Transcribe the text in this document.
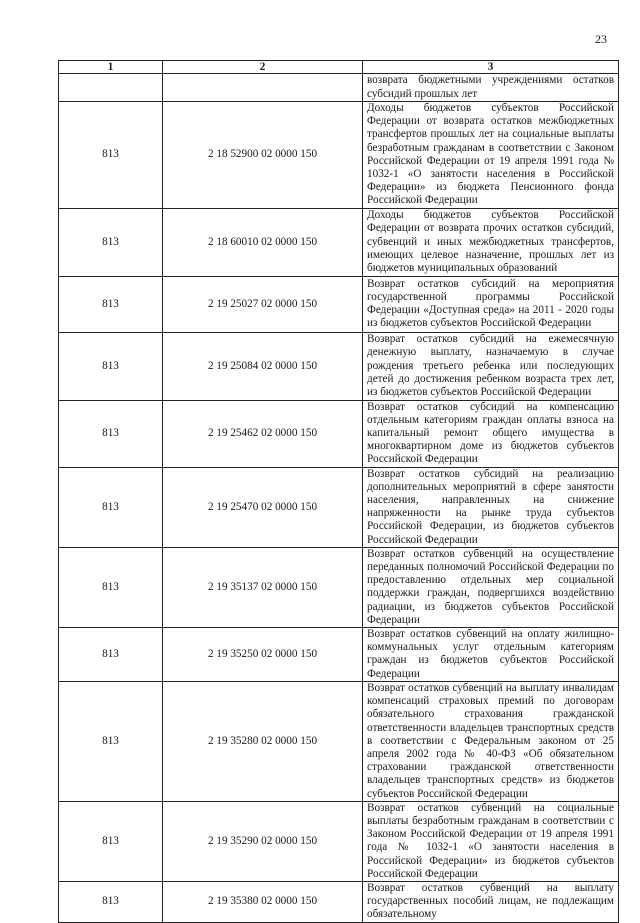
23
1	2	3
		возврата бюджетными учреждениями остатков субсидий прошлых лет
813	2 18 52900 02 0000 150	Доходы бюджетов субъектов Российской Федерации от возврата остатков межбюджетных трансфертов прошлых лет на социальные выплаты безработным гражданам в соответствии с Законом Российской Федерации от 19 апреля 1991 года № 1032-1 «О занятости населения в Российской Федерации» из бюджета Пенсионного фонда Российской Федерации
813	2 18 60010 02 0000 150	Доходы бюджетов субъектов Российской Федерации от возврата прочих остатков субсидий, субвенций и иных межбюджетных трансфертов, имеющих целевое назначение, прошлых лет из бюджетов муниципальных образований
813	2 19 25027 02 0000 150	Возврат остатков субсидий на мероприятия государственной программы Российской Федерации «Доступная среда» на 2011 - 2020 годы из бюджетов субъектов Российской Федерации
813	2 19 25084 02 0000 150	Возврат остатков субсидий на ежемесячную денежную выплату, назначаемую в случае рождения третьего ребенка или последующих детей до достижения ребенком возраста трех лет, из бюджетов субъектов Российской Федерации
813	2 19 25462 02 0000 150	Возврат остатков субсидий на компенсацию отдельным категориям граждан оплаты взноса на капитальный ремонт общего имущества в многоквартирном доме из бюджетов субъектов Российской Федерации
813	2 19 25470 02 0000 150	Возврат остатков субсидий на реализацию дополнительных мероприятий в сфере занятости населения, направленных на снижение напряженности на рынке труда субъектов Российской Федерации, из бюджетов субъектов Российской Федерации
813	2 19 35137 02 0000 150	Возврат остатков субвенций на осуществление переданных полномочий Российской Федерации по предоставлению отдельных мер социальной поддержки граждан, подвергшихся воздействию радиации, из бюджетов субъектов Российской Федерации
813	2 19 35250 02 0000 150	Возврат остатков субвенций на оплату жилищно-коммунальных услуг отдельным категориям граждан из бюджетов субъектов Российской Федерации
813	2 19 35280 02 0000 150	Возврат остатков субвенций на выплату инвалидам компенсаций страховых премий по договорам обязательного страхования гражданской ответственности владельцев транспортных средств в соответствии с Федеральным законом от 25 апреля 2002 года № 40-ФЗ «Об обязательном страховании гражданской ответственности владельцев транспортных средств» из бюджетов субъектов Российской Федерации
813	2 19 35290 02 0000 150	Возврат остатков субвенций на социальные выплаты безработным гражданам в соответствии с Законом Российской Федерации от 19 апреля 1991 года № 1032-1 «О занятости населения в Российской Федерации» из бюджетов субъектов Российской Федерации
813	2 19 35380 02 0000 150	Возврат остатков субвенций на выплату государственных пособий лицам, не подлежащим обязательному
